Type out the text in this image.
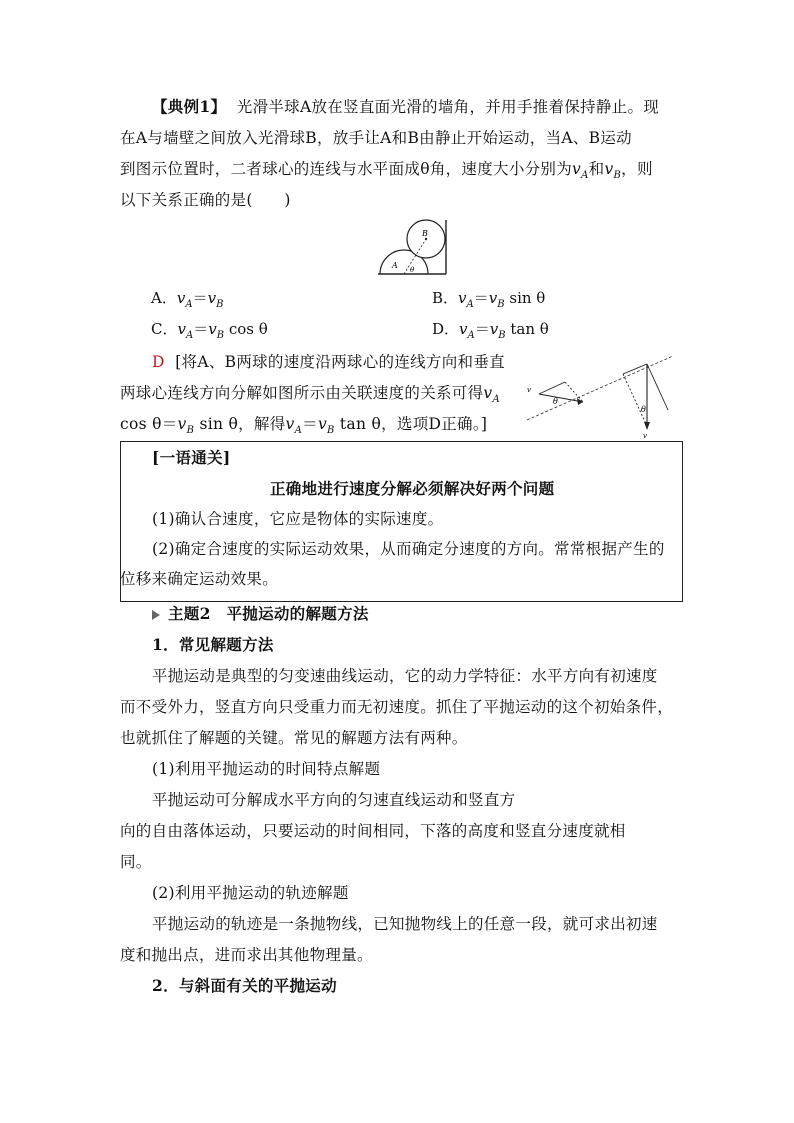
【典例1】 光滑半球A放在竖直面光滑的墙角，并用手推着保持静止。现
在A与墙壁之间放入光滑球B，放手让A和B由静止开始运动，当A、B运动
到图示位置时，二者球心的连线与水平面成θ角，速度大小分别为$v_A$和$v_B$，则
以下关系正确的是(　　)
B
A θ
A．$v_A=v_B$	B．$v_A=v_B$ sin θ
C．$v_A=v_B$ cos θ	D．$v_A=v_B$ tan θ
D [将A、B两球的速度沿两球心的连线方向和垂直
两球心连线方向分解如图所示由关联速度的关系可得$v_A$
$\cos \theta=v_B$ sin θ，解得$v_A=v_B$ tan θ，选项D正确。]
v
θ
θ
v
[一语通关]
正确地进行速度分解必须解决好两个问题
(1)确认合速度，它应是物体的实际速度。
(2)确定合速度的实际运动效果，从而确定分速度的方向。常常根据产生的
位移来确定运动效果。
主题2　平抛运动的解题方法
1．常见解题方法
平抛运动是典型的匀变速曲线运动，它的动力学特征：水平方向有初速度
而不受外力，竖直方向只受重力而无初速度。抓住了平抛运动的这个初始条件，
也就抓住了解题的关键。常见的解题方法有两种。
(1)利用平抛运动的时间特点解题
平抛运动可分解成水平方向的匀速直线运动和竖直方
向的自由落体运动，只要运动的时间相同，下落的高度和竖直分速度就相
同。
(2)利用平抛运动的轨迹解题
平抛运动的轨迹是一条抛物线，已知抛物线上的任意一段，就可求出初速
度和抛出点，进而求出其他物理量。
2．与斜面有关的平抛运动
